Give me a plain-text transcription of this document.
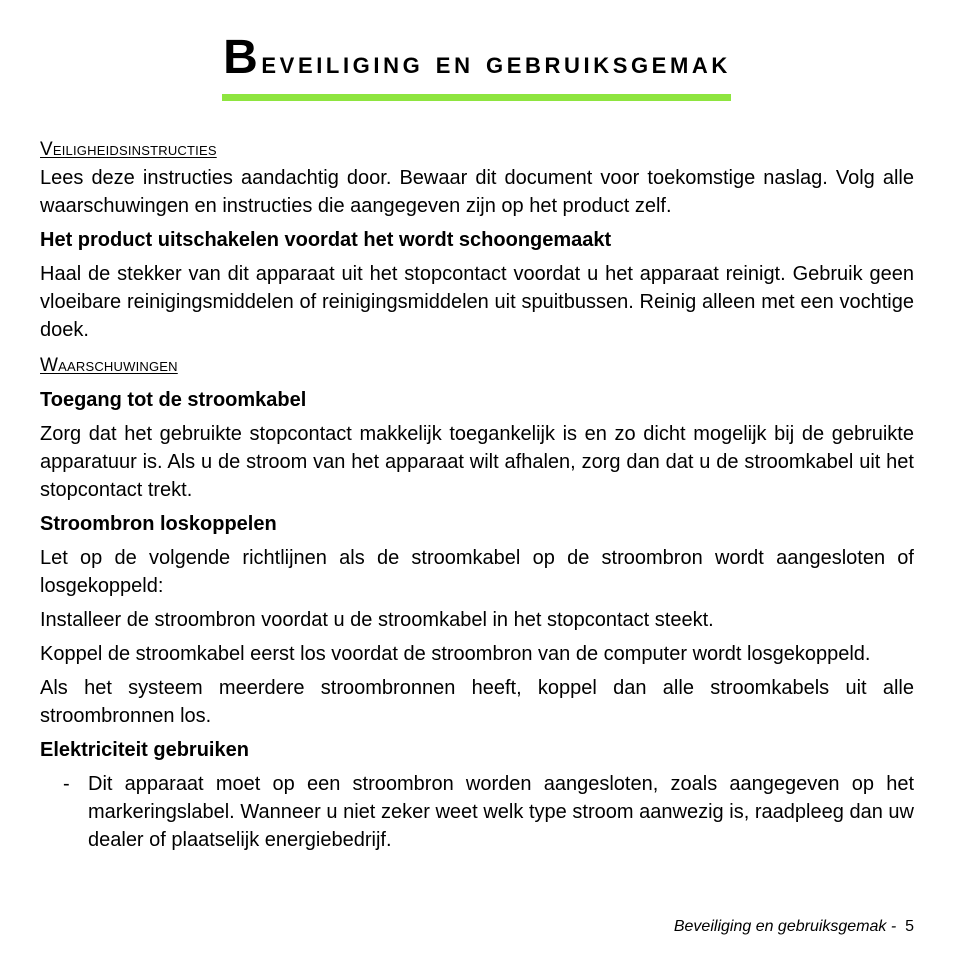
Beveiliging en gebruiksgemak
Veiligheidsinstructies

Lees deze instructies aandachtig door. Bewaar dit document voor toekomstige naslag. Volg alle waarschuwingen en instructies die aangegeven zijn op het product zelf.

Het product uitschakelen voordat het wordt schoongemaakt

Haal de stekker van dit apparaat uit het stopcontact voordat u het apparaat reinigt. Gebruik geen vloeibare reinigingsmiddelen of reinigingsmiddelen uit spuitbussen. Reinig alleen met een vochtige doek.

Waarschuwingen
Toegang tot de stroomkabel

Zorg dat het gebruikte stopcontact makkelijk toegankelijk is en zo dicht mogelijk bij de gebruikte apparatuur is. Als u de stroom van het apparaat wilt afhalen, zorg dan dat u de stroomkabel uit het stopcontact trekt.

Stroombron loskoppelen

Let op de volgende richtlijnen als de stroomkabel op de stroombron wordt aangesloten of losgekoppeld:

Installeer de stroombron voordat u de stroomkabel in het stopcontact steekt.

Koppel de stroomkabel eerst los voordat de stroombron van de computer wordt losgekoppeld.

Als het systeem meerdere stroombronnen heeft, koppel dan alle stroomkabels uit alle stroombronnen los.

Elektriciteit gebruiken
- Dit apparaat moet op een stroombron worden aangesloten, zoals aangegeven op het markeringslabel. Wanneer u niet zeker weet welk type stroom aanwezig is, raadpleeg dan uw dealer of plaatselijk energiebedrijf.
Beveiliging en gebruiksgemak - 5
